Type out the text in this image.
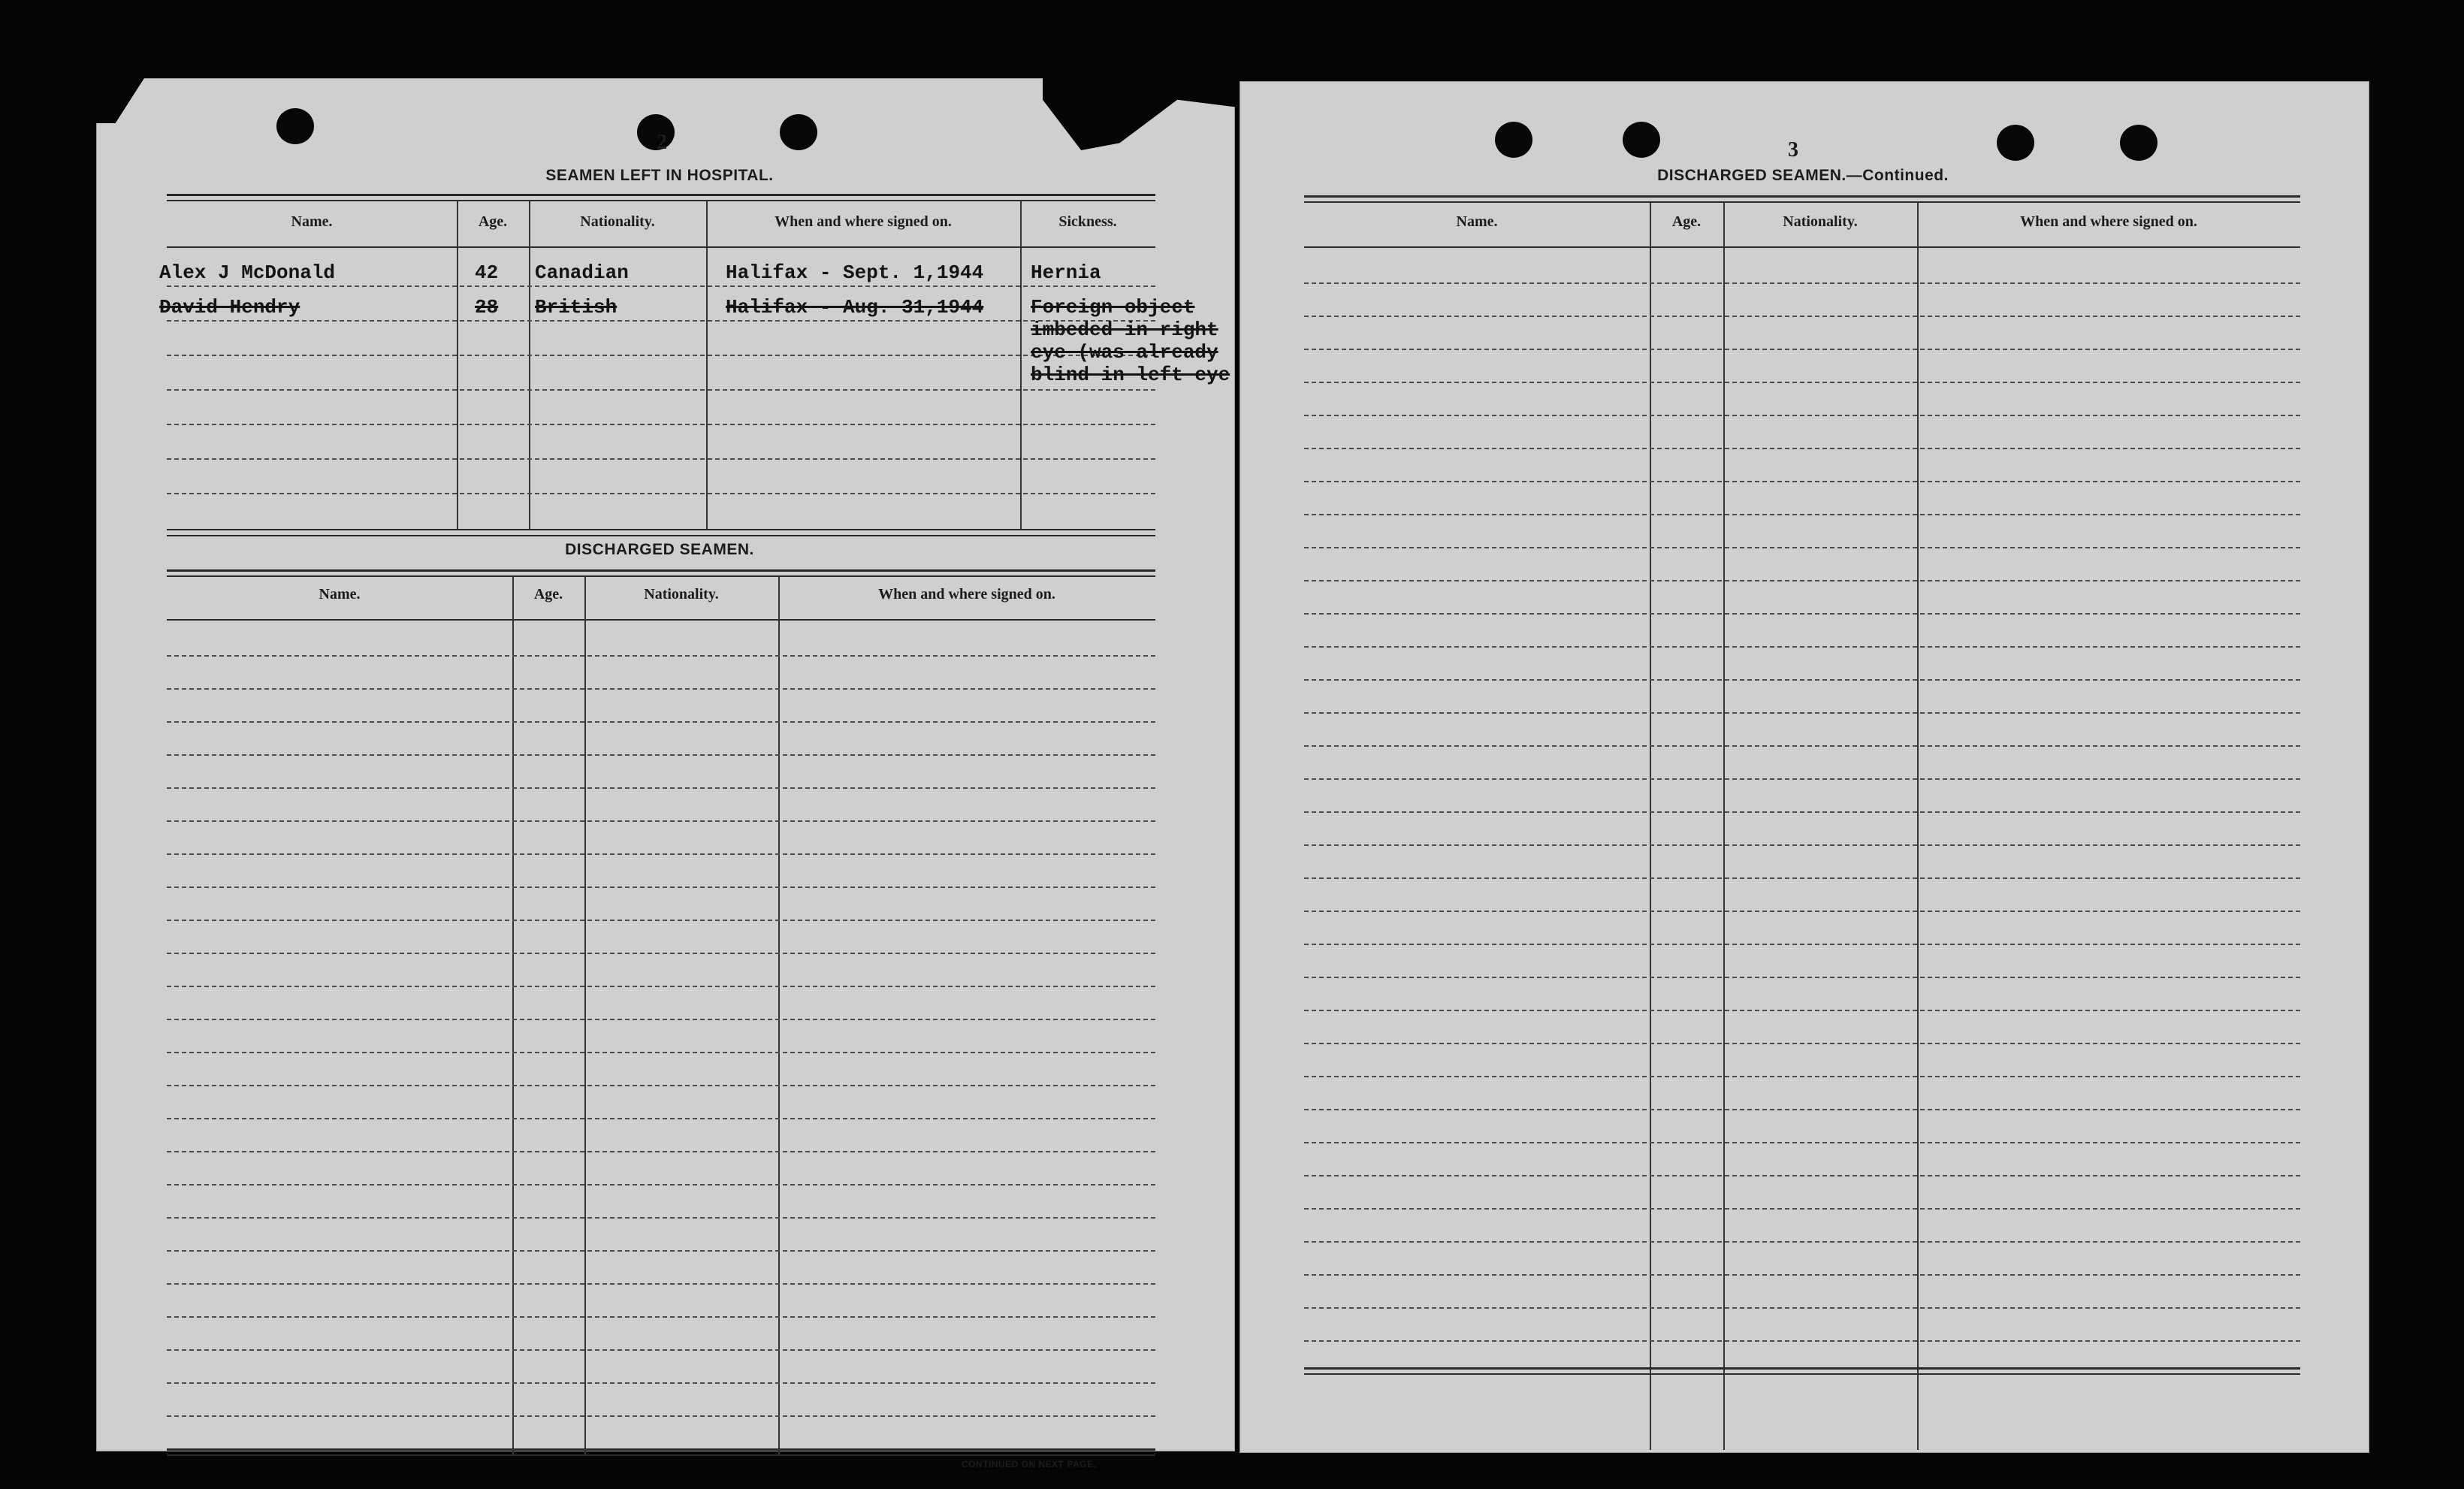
2
SEAMEN LEFT IN HOSPITAL.
Name.	Age.	Nationality.	When and where signed on.	Sickness.
Alex J McDonald	42 Canadian	Halifax - Sept. 1,1944 Hernia
David Hendry	28 British	Halifax - Aug. 31,1944 Foreign object
imbeded in right
eye (was already
blind in left eye
DISCHARGED SEAMEN.
Name.	Age.	Nationality.	When and where signed on.
CONTINUED ON NEXT PAGE.
3
DISCHARGED SEAMEN.—Continued.
Name.	Age.	Nationality.	When and where signed on.
